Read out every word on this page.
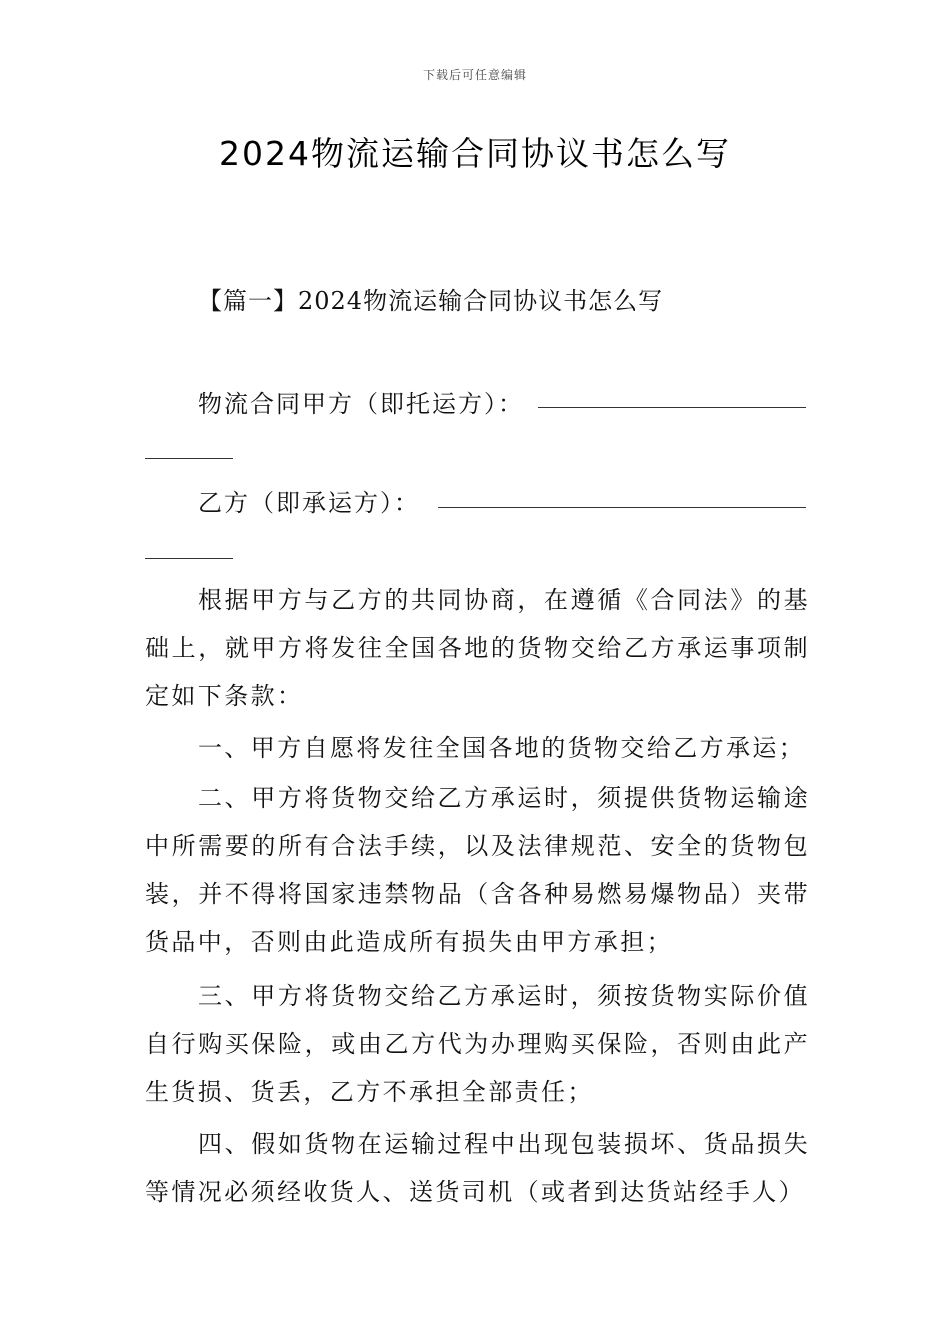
下载后可任意编辑
2024物流运输合同协议书怎么写
【篇一】2024物流运输合同协议书怎么写
物流合同甲方（即托运方）：
乙方（即承运方）：

根据甲方与乙方的共同协商，在遵循《合同法》的基础上，就甲方将发往全国各地的货物交给乙方承运事项制定如下条款：

一、甲方自愿将发往全国各地的货物交给乙方承运；

二、甲方将货物交给乙方承运时，须提供货物运输途中所需要的所有合法手续，以及法律规范、安全的货物包装，并不得将国家违禁物品（含各种易燃易爆物品）夹带货品中，否则由此造成所有损失由甲方承担；

三、甲方将货物交给乙方承运时，须按货物实际价值自行购买保险，或由乙方代为办理购买保险，否则由此产生货损、货丢，乙方不承担全部责任；

四、假如货物在运输过程中出现包装损坏、货品损失等情况必须经收货人、送货司机（或者到达货站经手人）
